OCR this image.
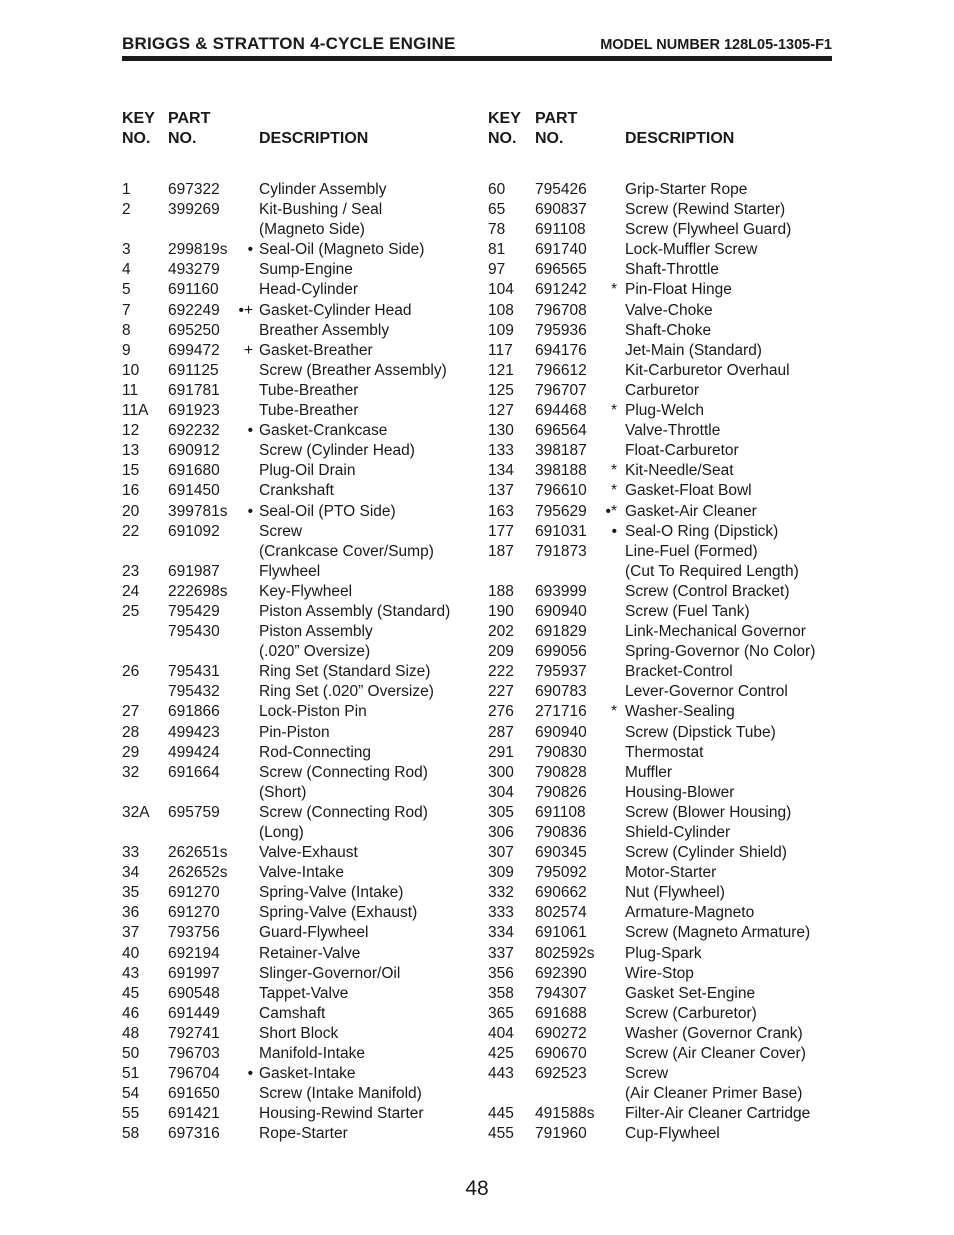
BRIGGS & STRATTON 4-CYCLE ENGINE	MODEL NUMBER 128L05-1305-F1
KEY PART
NO. NO.	DESCRIPTION
1 697322	Cylinder Assembly
2 399269	Kit-Bushing / Seal
(Magneto Side)
3 299819s	• Seal-Oil (Magneto Side)
4 493279	Sump-Engine
5 691160	Head-Cylinder
7 692249 •+ Gasket-Cylinder Head
8 695250	Breather Assembly
9 699472	+ Gasket-Breather
10 691125	Screw (Breather Assembly)
11 691781	Tube-Breather
11A 691923	Tube-Breather
12 692232	• Gasket-Crankcase
13 690912	Screw (Cylinder Head)
15 691680	Plug-Oil Drain
16 691450	Crankshaft
20 399781s	• Seal-Oil (PTO Side)
22 691092	Screw
(Crankcase Cover/Sump)
23 691987	Flywheel
24 222698s Key-Flywheel
25 795429	Piston Assembly (Standard)
795430	Piston Assembly
(.020” Oversize)
26 795431	Ring Set (Standard Size)
795432	Ring Set (.020” Oversize)
27 691866	Lock-Piston Pin
28 499423	Pin-Piston
29 499424	Rod-Connecting
32 691664	Screw (Connecting Rod)
(Short)
32A 695759	Screw (Connecting Rod)
(Long)
33 262651s Valve-Exhaust
34 262652s Valve-Intake
35 691270	Spring-Valve (Intake)
36 691270	Spring-Valve (Exhaust)
37 793756	Guard-Flywheel
40 692194	Retainer-Valve
43 691997	Slinger-Governor/Oil
45 690548	Tappet-Valve
46 691449	Camshaft
48 792741	Short Block
50 796703	Manifold-Intake
51 796704	• Gasket-Intake
54 691650	Screw (Intake Manifold)
55 691421	Housing-Rewind Starter
58 697316	Rope-Starter
KEY PART
NO. NO.	DESCRIPTION
60 795426 Grip-Starter Rope
65 690837 Screw (Rewind Starter)
78 691108	Screw (Flywheel Guard)
81 691740 Lock-Muffler Screw
97 696565 Shaft-Throttle
104 691242	* Pin-Float Hinge
108 796708 Valve-Choke
109 795936 Shaft-Choke
117 694176 Jet-Main (Standard)
121 796612 Kit-Carburetor Overhaul
125 796707 Carburetor
127 694468	* Plug-Welch
130 696564 Valve-Throttle
133 398187 Float-Carburetor
134 398188	* Kit-Needle/Seat
137 796610	* Gasket-Float Bowl
163 795629	•* Gasket-Air Cleaner
177 691031	• Seal-O Ring (Dipstick)
187 791873 Line-Fuel (Formed)
(Cut To Required Length)
188 693999 Screw (Control Bracket)
190 690940 Screw (Fuel Tank)
202 691829 Link-Mechanical Governor
209 699056 Spring-Governor (No Color)
222 795937 Bracket-Control
227 690783 Lever-Governor Control
276 271716	* Washer-Sealing
287 690940 Screw (Dipstick Tube)
291 790830 Thermostat
300 790828 Muffler
304 790826 Housing-Blower
305 691108	Screw (Blower Housing)
306 790836 Shield-Cylinder
307 690345 Screw (Cylinder Shield)
309 795092 Motor-Starter
332 690662 Nut (Flywheel)
333 802574 Armature-Magneto
334 691061 Screw (Magneto Armature)
337 802592s Plug-Spark
356 692390 Wire-Stop
358 794307 Gasket Set-Engine
365 691688 Screw (Carburetor)
404 690272 Washer (Governor Crank)
425 690670 Screw (Air Cleaner Cover)
443 692523 Screw
(Air Cleaner Primer Base)
445 491588s Filter-Air Cleaner Cartridge
455 791960 Cup-Flywheel
48
